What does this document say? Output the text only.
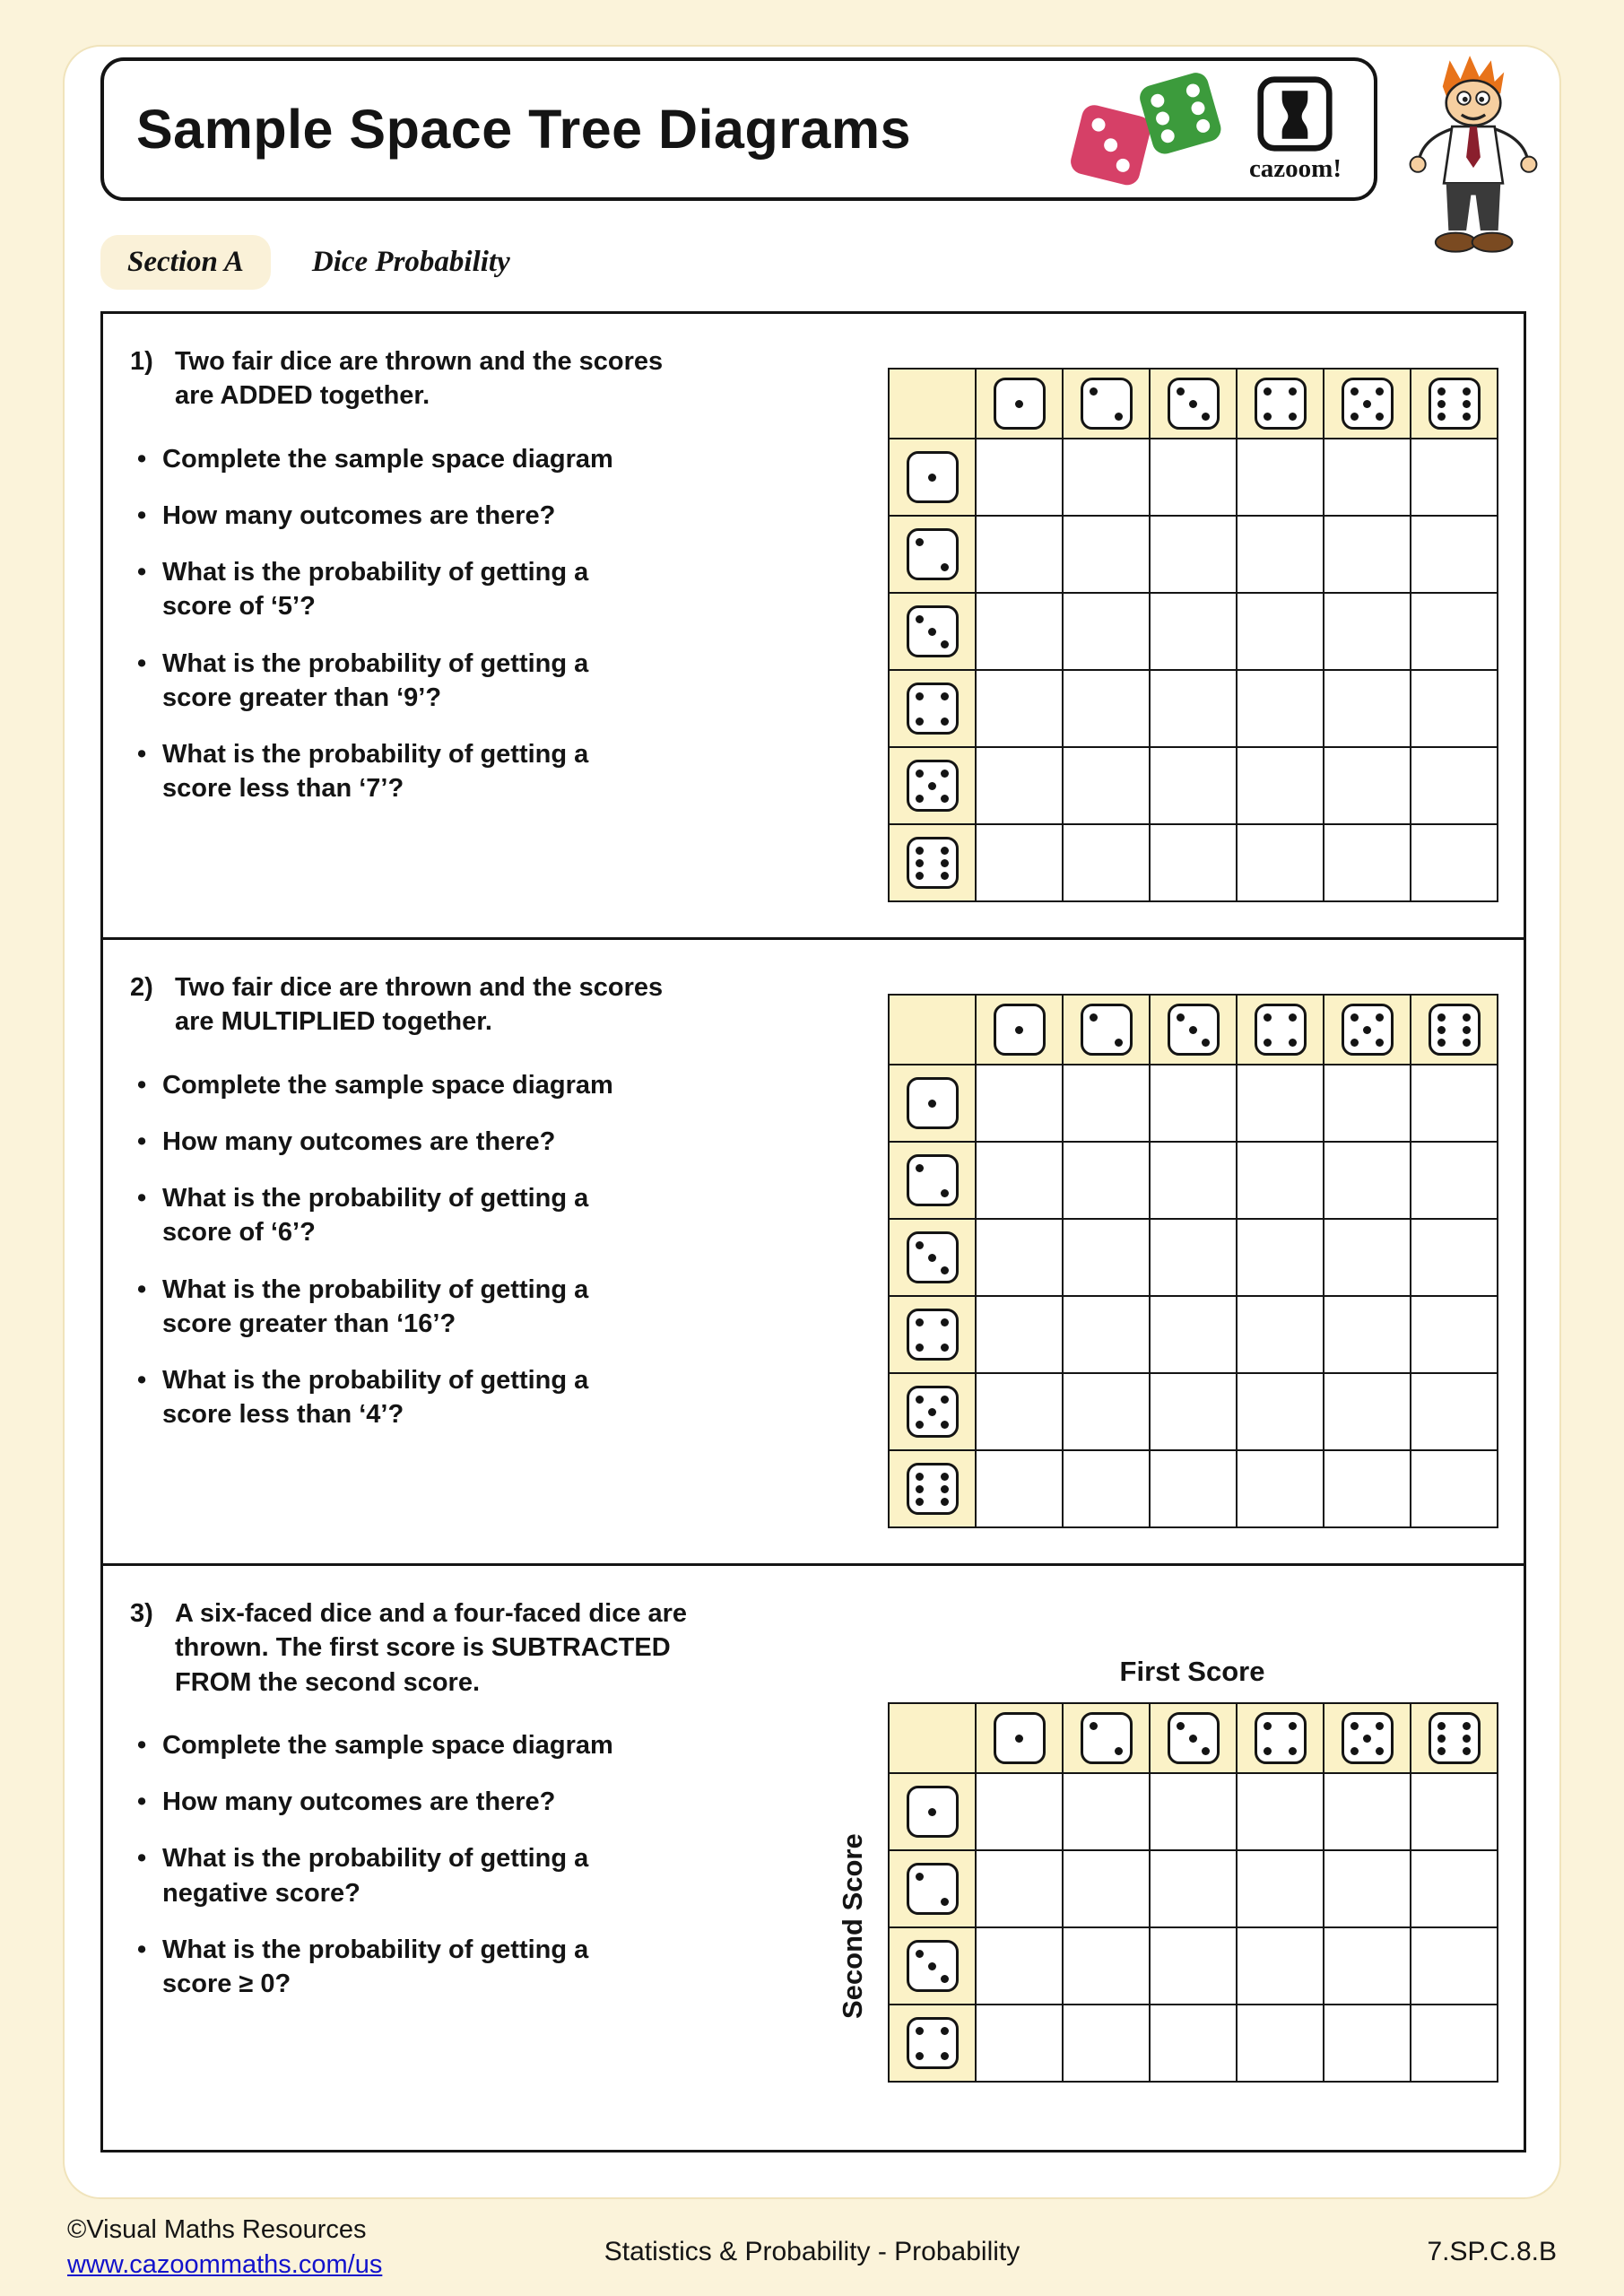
Sample Space Tree Diagrams
cazoom!
Section A	Dice Probability
1) Two fair dice are thrown and the scores are ADDED together.
• Complete the sample space diagram
• How many outcomes are there?
• What is the probability of getting a score of ‘5’?
• What is the probability of getting a score greater than ‘9’?
• What is the probability of getting a score less than ‘7’?
2) Two fair dice are thrown and the scores are MULTIPLIED together.
• Complete the sample space diagram
• How many outcomes are there?
• What is the probability of getting a score of ‘6’?
• What is the probability of getting a score greater than ‘16’?
• What is the probability of getting a score less than ‘4’?
3) A six-faced dice and a four-faced dice are thrown. The first score is SUBTRACTED FROM the second score.
• Complete the sample space diagram
• How many outcomes are there?
• What is the probability of getting a negative score?
• What is the probability of getting a score ≥ 0?
First Score
Second Score
©Visual Maths Resources
www.cazoommaths.com/us	Statistics & Probability - Probability	7.SP.C.8.B
